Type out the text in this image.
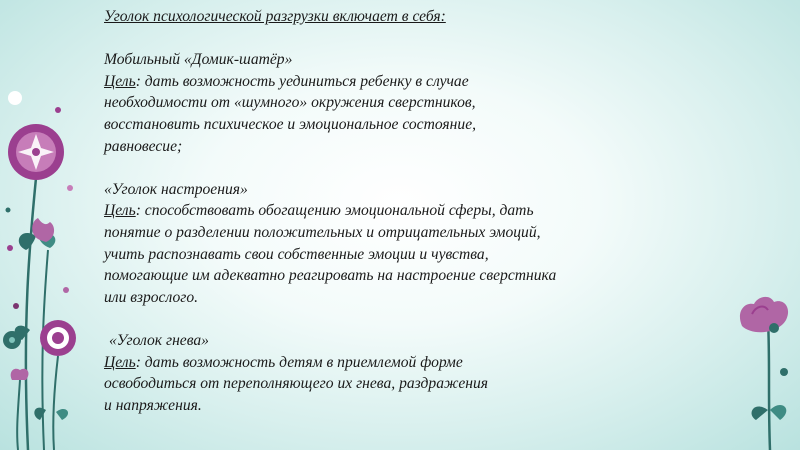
Уголок психологической разгрузки включает в себя:

Мобильный «Домик-шатёр»

Цель: дать возможность уединиться ребенку в случае

необходимости от «шумного» окружения сверстников,

восстановить психическое и эмоциональное состояние,

равновесие;

«Уголок настроения»

Цель: способствовать обогащению эмоциональной сферы, дать

понятие о разделении положительных и отрицательных эмоций,

учить распознавать свои собственные эмоции и чувства,

помогающие им адекватно реагировать на настроение сверстника

или взрослого.

«Уголок гнева»

Цель: дать возможность детям в приемлемой форме

освободиться от переполняющего их гнева, раздражения

и напряжения.
